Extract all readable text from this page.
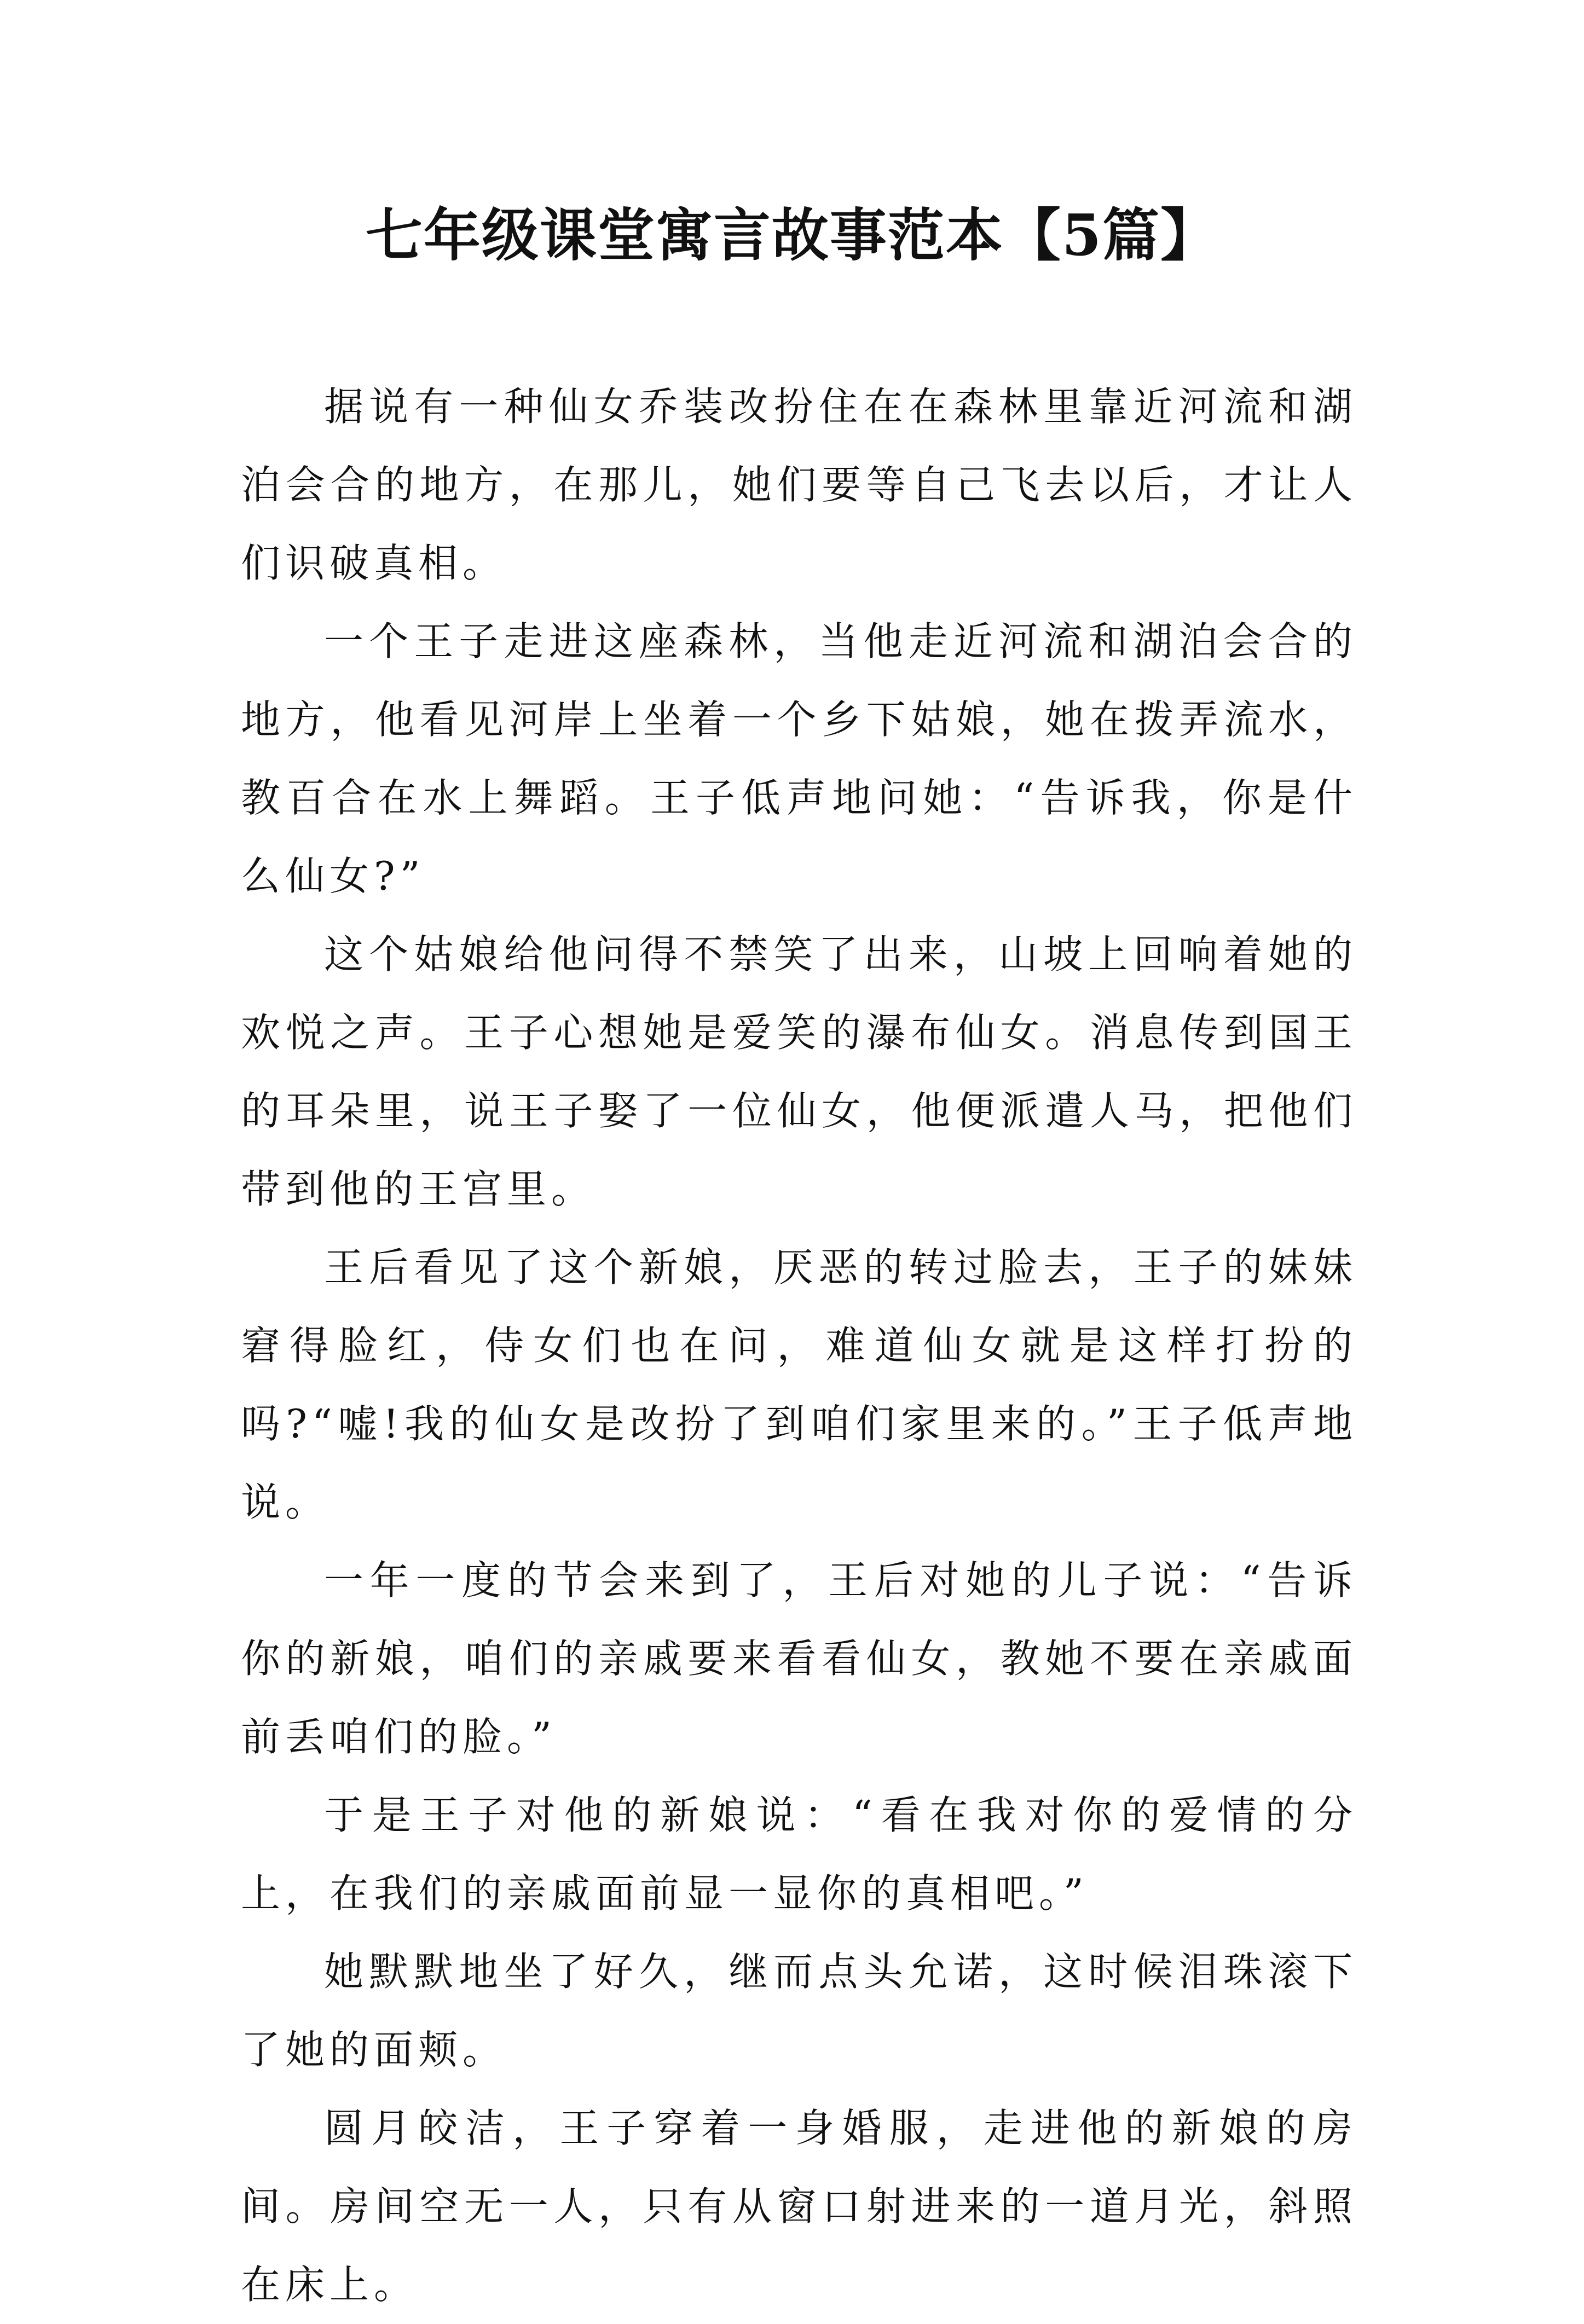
七年级课堂寓言故事范本【5篇】

据说有一种仙女乔装改扮住在在森林里靠近河流和湖泊会合的地方，在那儿，她们要等自己飞去以后，才让人们识破真相。

一个王子走进这座森林，当他走近河流和湖泊会合的地方，他看见河岸上坐着一个乡下姑娘，她在拨弄流水，教百合在水上舞蹈。王子低声地问她：“告诉我，你是什么仙女?”

这个姑娘给他问得不禁笑了出来，山坡上回响着她的欢悦之声。王子心想她是爱笑的瀑布仙女。消息传到国王的耳朵里，说王子娶了一位仙女，他便派遣人马，把他们带到他的王宫里。

王后看见了这个新娘，厌恶的转过脸去，王子的妹妹窘得脸红，侍女们也在问，难道仙女就是这样打扮的吗?“嘘!我的仙女是改扮了到咱们家里来的。”王子低声地说。

一年一度的节会来到了，王后对她的儿子说：“告诉你的新娘，咱们的亲戚要来看看仙女，教她不要在亲戚面前丢咱们的脸。”

于是王子对他的新娘说：“看在我对你的爱情的分上，在我们的亲戚面前显一显你的真相吧。”

她默默地坐了好久，继而点头允诺，这时候泪珠滚下了她的面颊。

圆月皎洁，王子穿着一身婚服，走进他的新娘的房间。房间空无一人，只有从窗口射进来的一道月光，斜照在床上。
